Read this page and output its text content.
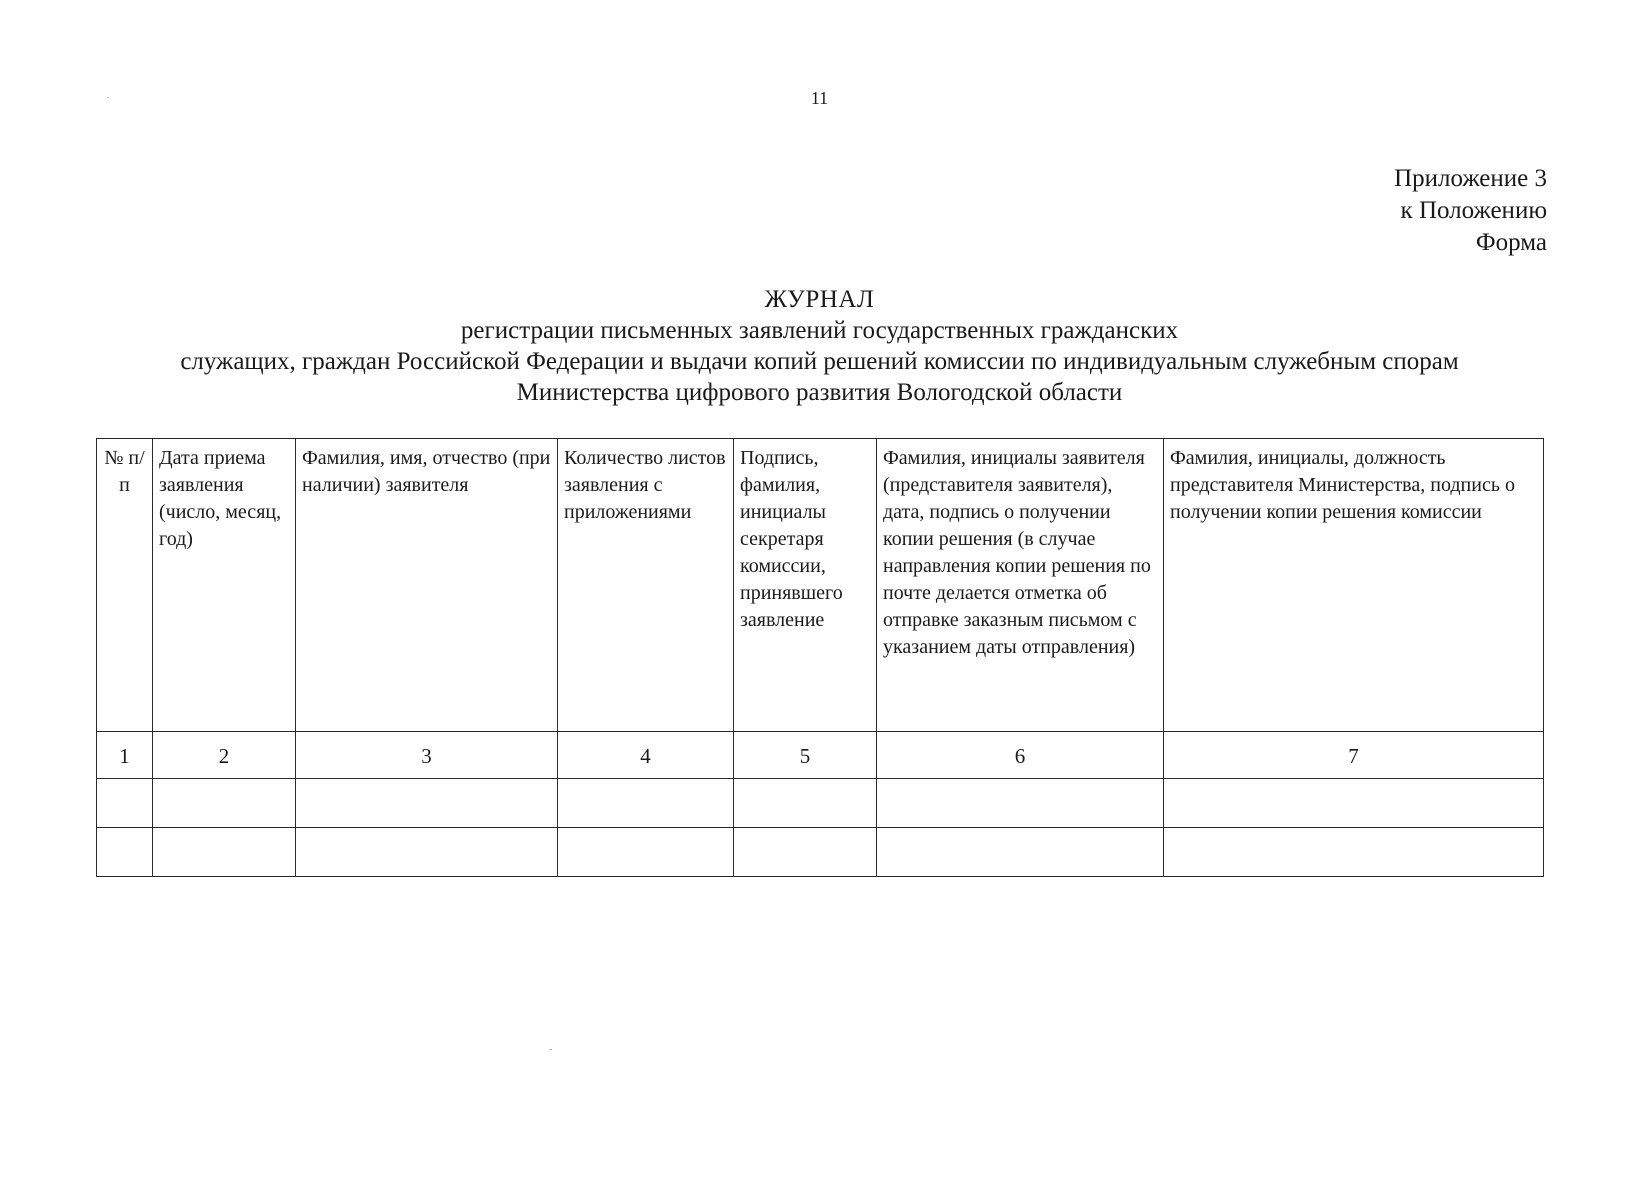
11
Приложение 3
к Положению
Форма
ЖУРНАЛ
регистрации письменных заявлений государственных гражданских
служащих, граждан Российской Федерации и выдачи копий решений комиссии по индивидуальным служебным спорам
Министерства цифрового развития Вологодской области
№ п/п	Дата приема заявления (число, месяц, год)	Фамилия, имя, отчество (при наличии) заявителя	Количество листов заявления с приложениями	Подпись, фамилия, инициалы секретаря комиссии, принявшего заявление	Фамилия, инициалы заявителя (представителя заявителя), дата, подпись о получении копии решения (в случае направления копии решения по почте делается отметка об отправке заказным письмом с указанием даты отправления)	Фамилия, инициалы, должность представителя Министерства, подпись о получении копии решения комиссии
1	2	3	4	5	6	7
